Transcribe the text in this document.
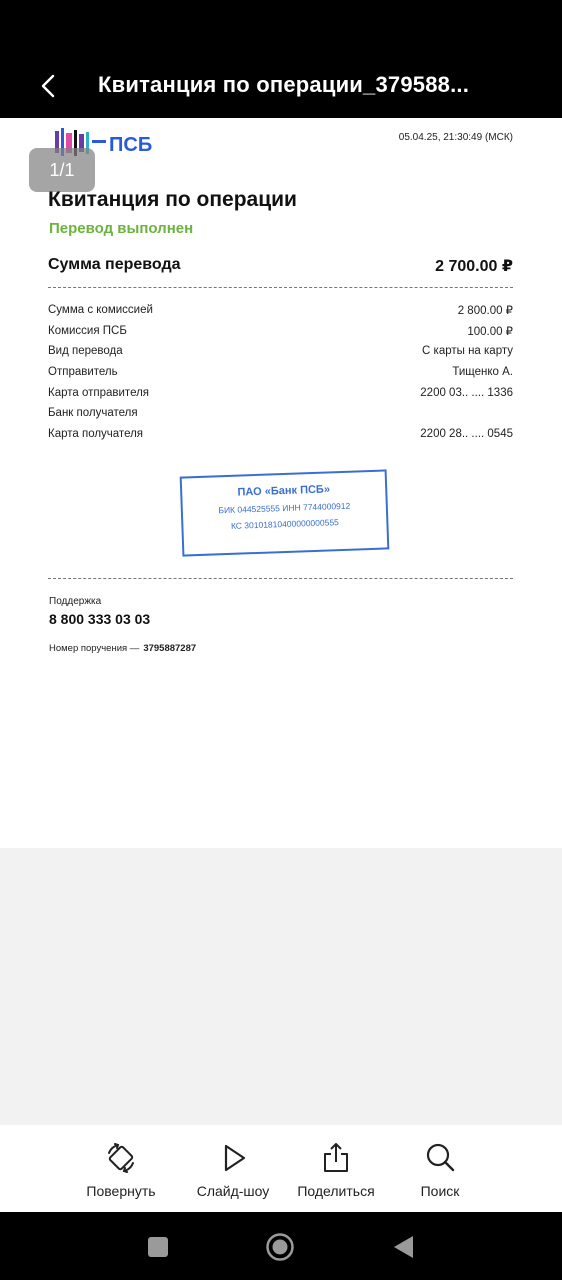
Квитанция по операции_379588...
ПСБ	05.04.25, 21:30:49 (МСК)
1/1
Квитанция по операции
Перевод выполнен
Сумма перевода	2 700.00 ₽
Сумма с комиссией	2 800.00 ₽
Комиссия ПСБ	100.00 ₽
Вид перевода	С карты на карту
Отправитель	Тищенко А.
Карта отправителя	2200 03.. .... 1336
Банк получателя
Карта получателя	2200 28.. .... 0545
ПАО «Банк ПСБ»
БИК 044525555 ИНН 7744000912
КС 30101810400000000555
Поддержка
8 800 333 03 03
Номер поручения — 3795887287
Повернуть	Слайд-шоу	Поделиться	Поиск
